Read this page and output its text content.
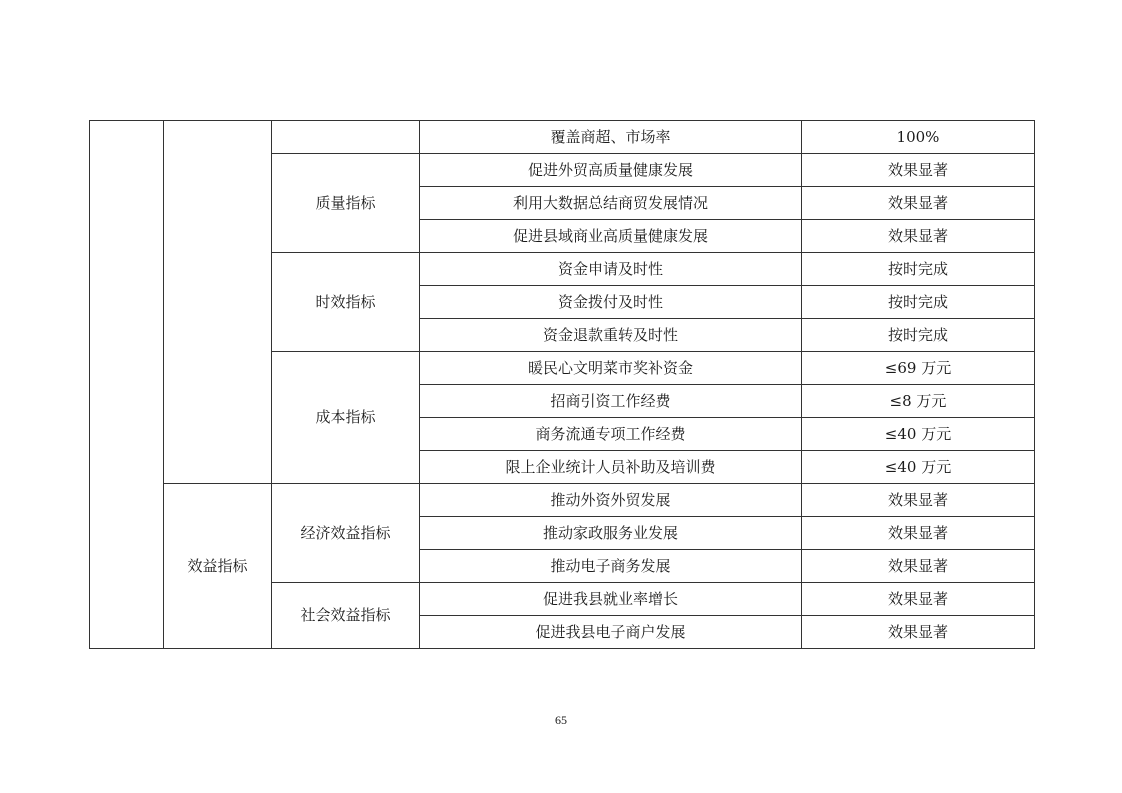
			覆盖商超、市场率	100%
		质量指标	促进外贸高质量健康发展	效果显著
			利用大数据总结商贸发展情况	效果显著
			促进县域商业高质量健康发展	效果显著
		时效指标	资金申请及时性	按时完成
			资金拨付及时性	按时完成
			资金退款重转及时性	按时完成
		成本指标	暖民心文明菜市奖补资金	≤69 万元
			招商引资工作经费	≤8 万元
			商务流通专项工作经费	≤40 万元
			限上企业统计人员补助及培训费	≤40 万元
	效益指标	经济效益指标	推动外资外贸发展	效果显著
			推动家政服务业发展	效果显著
			推动电子商务发展	效果显著
		社会效益指标	促进我县就业率增长	效果显著
			促进我县电子商户发展	效果显著
65
